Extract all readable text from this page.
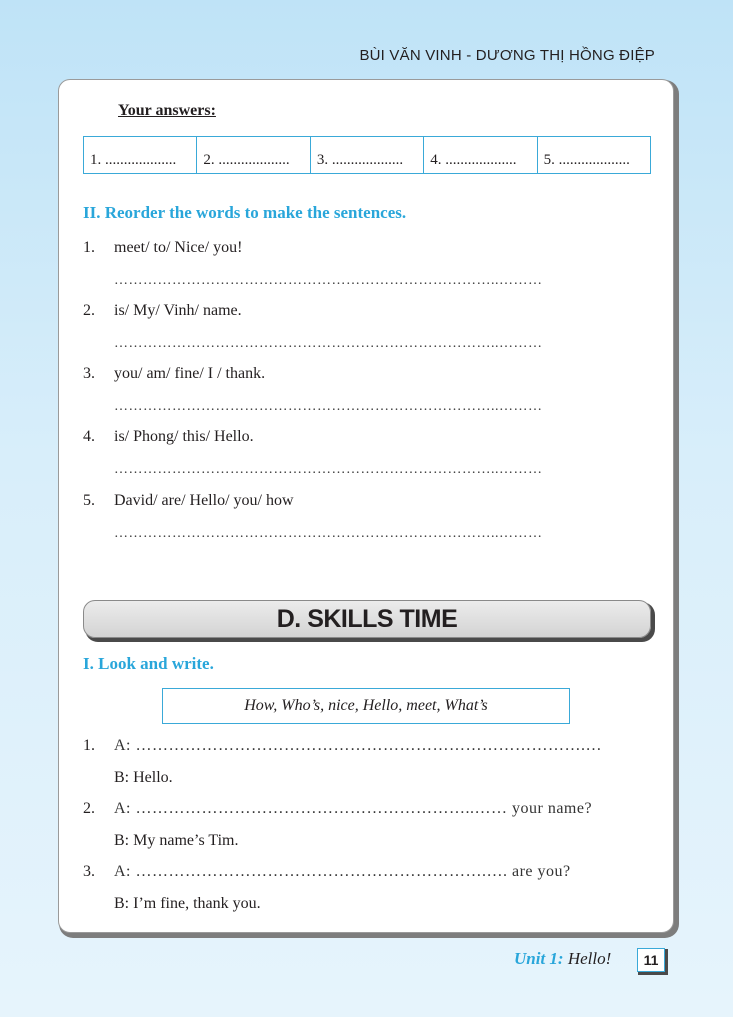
BÙI VĂN VINH - DƯƠNG THỊ HỒNG ĐIỆP
Your answers:
1. ...................	2. ...................	3. ...................	4. ...................	5. ...................
II. Reorder the words to make the sentences.
1. meet/ to/ Nice/ you!
……………………………………………………………………..………
2. is/ My/ Vinh/ name.
……………………………………………………………………..………
3. you/ am/ fine/ I / thank.
……………………………………………………………………..………
4. is/ Phong/ this/ Hello.
……………………………………………………………………..………
5. David/ are/ Hello/ you/ how
……………………………………………………………………..………
D. SKILLS TIME
I. Look and write.
How, Who’s, nice, Hello, meet, What’s
1. A: ……………………………………………………………………….…
B: Hello.
2. A: ……………………………………………………..…… your name?
B: My name’s Tim.
3. A: ……………………………………………………….…. are you?
B: I’m fine, thank you.
Unit 1: Hello!	11
